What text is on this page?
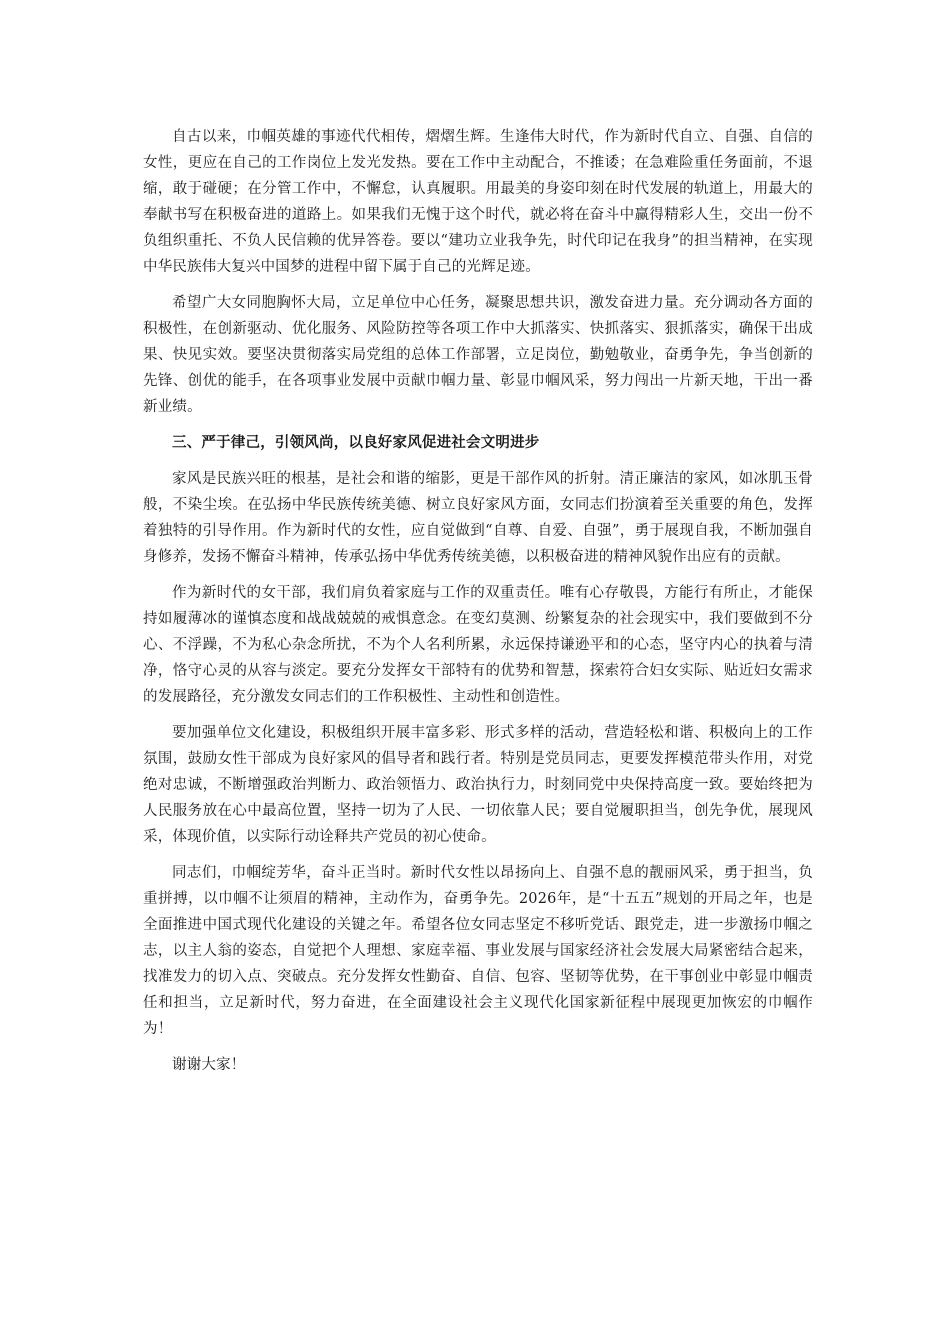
自古以来，巾帼英雄的事迹代代相传，熠熠生辉。生逢伟大时代，作为新时代自立、自强、自信的女性，更应在自己的工作岗位上发光发热。要在工作中主动配合，不推诿；在急难险重任务面前，不退缩，敢于碰硬；在分管工作中，不懈怠，认真履职。用最美的身姿印刻在时代发展的轨道上，用最大的奉献书写在积极奋进的道路上。如果我们无愧于这个时代，就必将在奋斗中赢得精彩人生，交出一份不负组织重托、不负人民信赖的优异答卷。要以“建功立业我争先，时代印记在我身”的担当精神，在实现中华民族伟大复兴中国梦的进程中留下属于自己的光辉足迹。

希望广大女同胞胸怀大局，立足单位中心任务，凝聚思想共识，激发奋进力量。充分调动各方面的积极性，在创新驱动、优化服务、风险防控等各项工作中大抓落实、快抓落实、狠抓落实，确保干出成果、快见实效。要坚决贯彻落实局党组的总体工作部署，立足岗位，勤勉敬业，奋勇争先，争当创新的先锋、创优的能手，在各项事业发展中贡献巾帼力量、彰显巾帼风采，努力闯出一片新天地，干出一番新业绩。

三、严于律己，引领风尚，以良好家风促进社会文明进步

家风是民族兴旺的根基，是社会和谐的缩影，更是干部作风的折射。清正廉洁的家风，如冰肌玉骨般，不染尘埃。在弘扬中华民族传统美德、树立良好家风方面，女同志们扮演着至关重要的角色，发挥着独特的引导作用。作为新时代的女性，应自觉做到“自尊、自爱、自强”，勇于展现自我，不断加强自身修养，发扬不懈奋斗精神，传承弘扬中华优秀传统美德，以积极奋进的精神风貌作出应有的贡献。

作为新时代的女干部，我们肩负着家庭与工作的双重责任。唯有心存敬畏，方能行有所止，才能保持如履薄冰的谨慎态度和战战兢兢的戒惧意念。在变幻莫测、纷繁复杂的社会现实中，我们要做到不分心、不浮躁，不为私心杂念所扰，不为个人名利所累，永远保持谦逊平和的心态，坚守内心的执着与清净，恪守心灵的从容与淡定。要充分发挥女干部特有的优势和智慧，探索符合妇女实际、贴近妇女需求的发展路径，充分激发女同志们的工作积极性、主动性和创造性。

要加强单位文化建设，积极组织开展丰富多彩、形式多样的活动，营造轻松和谐、积极向上的工作氛围，鼓励女性干部成为良好家风的倡导者和践行者。特别是党员同志，更要发挥模范带头作用，对党绝对忠诚，不断增强政治判断力、政治领悟力、政治执行力，时刻同党中央保持高度一致。要始终把为人民服务放在心中最高位置，坚持一切为了人民、一切依靠人民；要自觉履职担当，创先争优，展现风采，体现价值，以实际行动诠释共产党员的初心使命。

同志们，巾帼绽芳华，奋斗正当时。新时代女性以昂扬向上、自强不息的靓丽风采，勇于担当，负重拼搏，以巾帼不让须眉的精神，主动作为，奋勇争先。2026年，是“十五五”规划的开局之年，也是全面推进中国式现代化建设的关键之年。希望各位女同志坚定不移听党话、跟党走，进一步激扬巾帼之志，以主人翁的姿态，自觉把个人理想、家庭幸福、事业发展与国家经济社会发展大局紧密结合起来，找准发力的切入点、突破点。充分发挥女性勤奋、自信、包容、坚韧等优势，在干事创业中彰显巾帼责任和担当，立足新时代，努力奋进，在全面建设社会主义现代化国家新征程中展现更加恢宏的巾帼作为！

谢谢大家！
